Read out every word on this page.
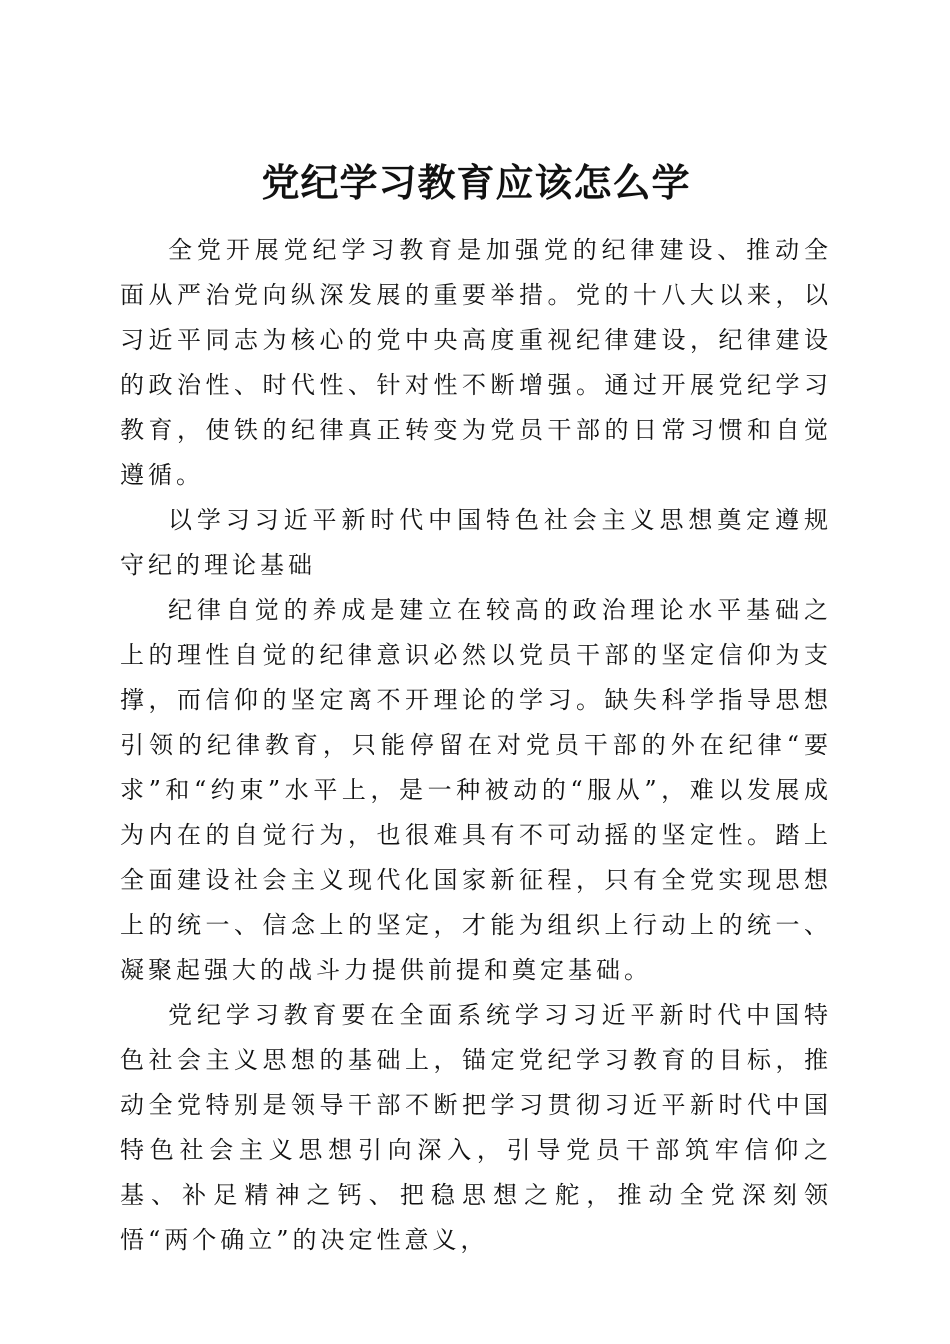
党纪学习教育应该怎么学

全党开展党纪学习教育是加强党的纪律建设、推动全面从严治党向纵深发展的重要举措。党的十八大以来，以习近平同志为核心的党中央高度重视纪律建设，纪律建设的政治性、时代性、针对性不断增强。通过开展党纪学习教育，使铁的纪律真正转变为党员干部的日常习惯和自觉遵循。

以学习习近平新时代中国特色社会主义思想奠定遵规守纪的理论基础

纪律自觉的养成是建立在较高的政治理论水平基础之上的理性自觉的纪律意识必然以党员干部的坚定信仰为支撑，而信仰的坚定离不开理论的学习。缺失科学指导思想引领的纪律教育，只能停留在对党员干部的外在纪律“要求”和“约束”水平上，是一种被动的“服从”，难以发展成为内在的自觉行为，也很难具有不可动摇的坚定性。踏上全面建设社会主义现代化国家新征程，只有全党实现思想上的统一、信念上的坚定，才能为组织上行动上的统一、凝聚起强大的战斗力提供前提和奠定基础。

党纪学习教育要在全面系统学习习近平新时代中国特色社会主义思想的基础上，锚定党纪学习教育的目标，推动全党特别是领导干部不断把学习贯彻习近平新时代中国特色社会主义思想引向深入，引导党员干部筑牢信仰之基、补足精神之钙、把稳思想之舵，推动全党深刻领悟“两个确立”的决定性意义，
